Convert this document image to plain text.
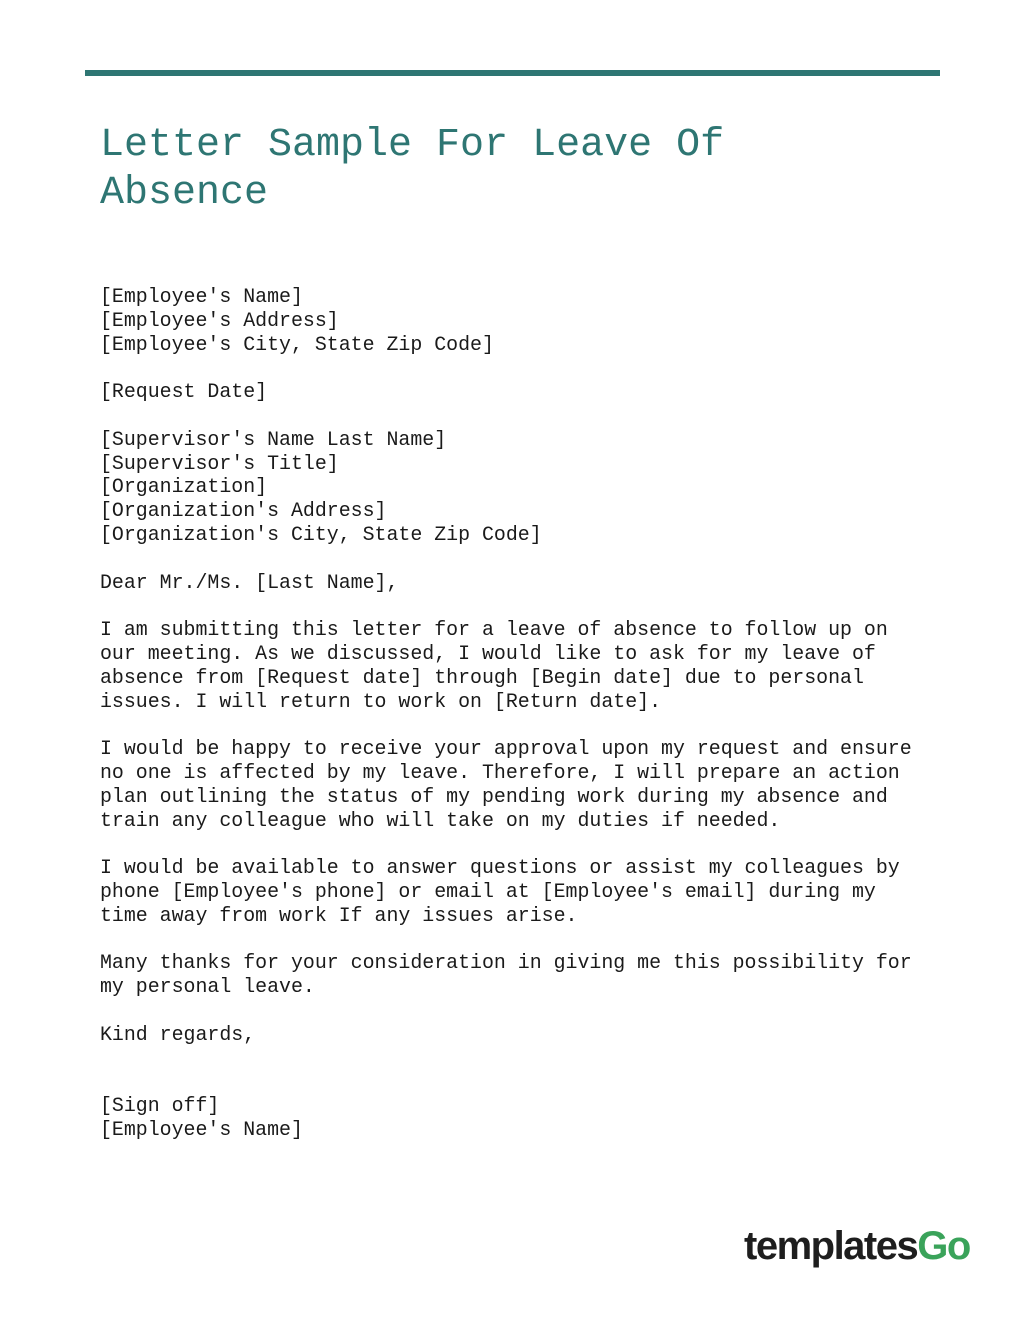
Letter Sample For Leave Of Absence
[Employee's Name]
[Employee's Address]
[Employee's City, State Zip Code]
[Request Date]
[Supervisor's Name Last Name]
[Supervisor's Title]
[Organization]
[Organization's Address]
[Organization's City, State Zip Code]
Dear Mr./Ms. [Last Name],
I am submitting this letter for a leave of absence to follow up on
our meeting. As we discussed, I would like to ask for my leave of
absence from [Request date] through [Begin date] due to personal
issues. I will return to work on [Return date].
I would be happy to receive your approval upon my request and ensure
no one is affected by my leave. Therefore, I will prepare an action
plan outlining the status of my pending work during my absence and
train any colleague who will take on my duties if needed.
I would be available to answer questions or assist my colleagues by
phone [Employee's phone] or email at [Employee's email] during my
time away from work If any issues arise.
Many thanks for your consideration in giving me this possibility for
my personal leave.
Kind regards,
[Sign off]
[Employee's Name]
templatesGo
